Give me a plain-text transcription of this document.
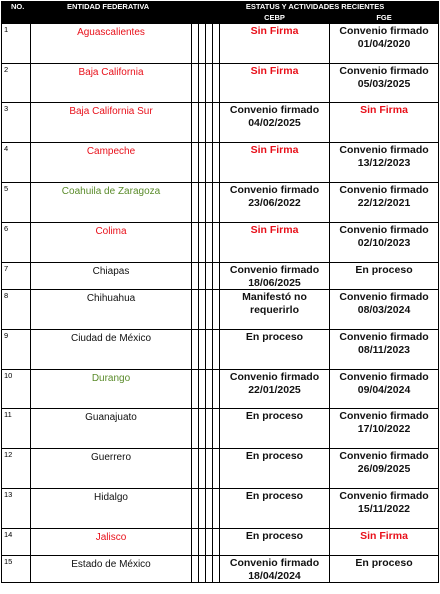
NO.	ENTIDAD FEDERATIVA	ESTATUS Y ACTIVIDADES RECIENTES					
						CEBP	FGE
1	Aguascalientes					Sin Firma	Convenio firmado 01/04/2020
2	Baja California					Sin Firma	Convenio firmado 05/03/2025
3	Baja California Sur					Convenio firmado 04/02/2025	Sin Firma
4	Campeche					Sin Firma	Convenio firmado 13/12/2023
5	Coahuila de Zaragoza					Convenio firmado 23/06/2022	Convenio firmado 22/12/2021
6	Colima					Sin Firma	Convenio firmado 02/10/2023
7	Chiapas					Convenio firmado 18/06/2025	En proceso
8	Chihuahua					Manifestó no requerirlo	Convenio firmado 08/03/2024
9	Ciudad de México					En proceso	Convenio firmado 08/11/2023
10	Durango					Convenio firmado 22/01/2025	Convenio firmado 09/04/2024
11	Guanajuato					En proceso	Convenio firmado 17/10/2022
12	Guerrero					En proceso	Convenio firmado 26/09/2025
13	Hidalgo					En proceso	Convenio firmado 15/11/2022
14	Jalisco					En proceso	Sin Firma
15	Estado de México					Convenio firmado 18/04/2024	En proceso
